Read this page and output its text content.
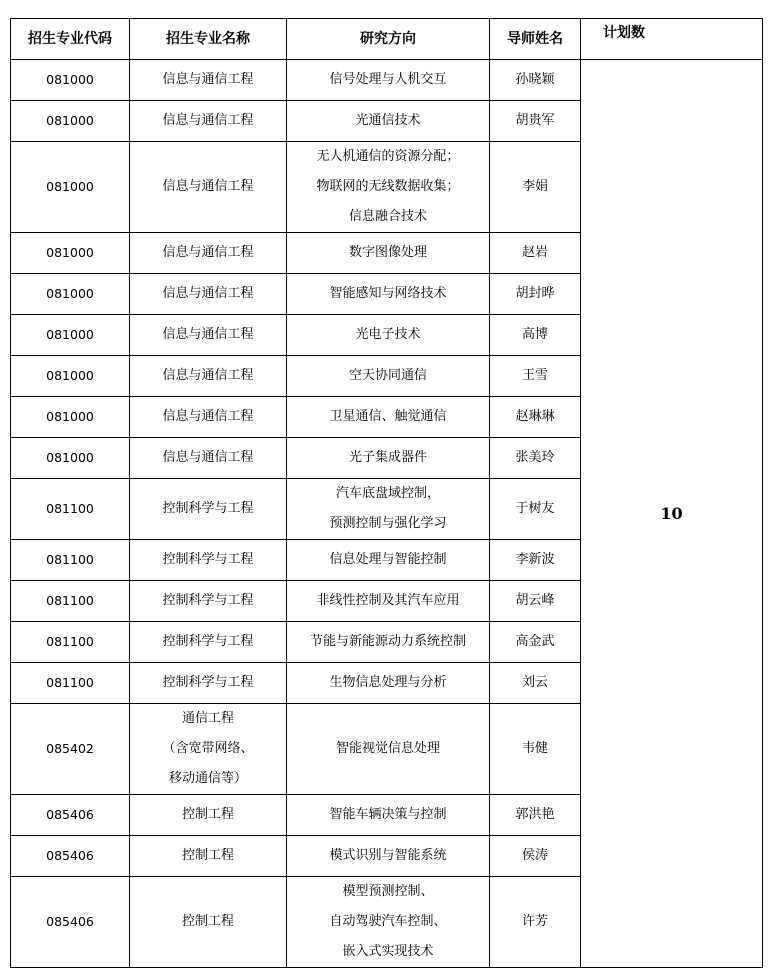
招生专业代码	招生专业名称	研究方向	导师姓名	计划数
081000	信息与通信工程	信号处理与人机交互	孙晓颖	10
081000	信息与通信工程	光通信技术	胡贵军	
081000	信息与通信工程	无人机通信的资源分配；
物联网的无线数据收集；
信息融合技术	李娟	
081000	信息与通信工程	数字图像处理	赵岩	
081000	信息与通信工程	智能感知与网络技术	胡封晔	
081000	信息与通信工程	光电子技术	高博	
081000	信息与通信工程	空天协同通信	王雪	
081000	信息与通信工程	卫星通信、触觉通信	赵琳琳	
081000	信息与通信工程	光子集成器件	张美玲	
081100	控制科学与工程	汽车底盘域控制，
预测控制与强化学习	于树友	
081100	控制科学与工程	信息处理与智能控制	李新波	
081100	控制科学与工程	非线性控制及其汽车应用	胡云峰	
081100	控制科学与工程	节能与新能源动力系统控制	高金武	
081100	控制科学与工程	生物信息处理与分析	刘云	
085402	通信工程
（含宽带网络、
移动通信等）	智能视觉信息处理	韦健	
085406	控制工程	智能车辆决策与控制	郭洪艳	
085406	控制工程	模式识别与智能系统	侯涛	
085406	控制工程	模型预测控制、
自动驾驶汽车控制、
嵌入式实现技术	许芳	
